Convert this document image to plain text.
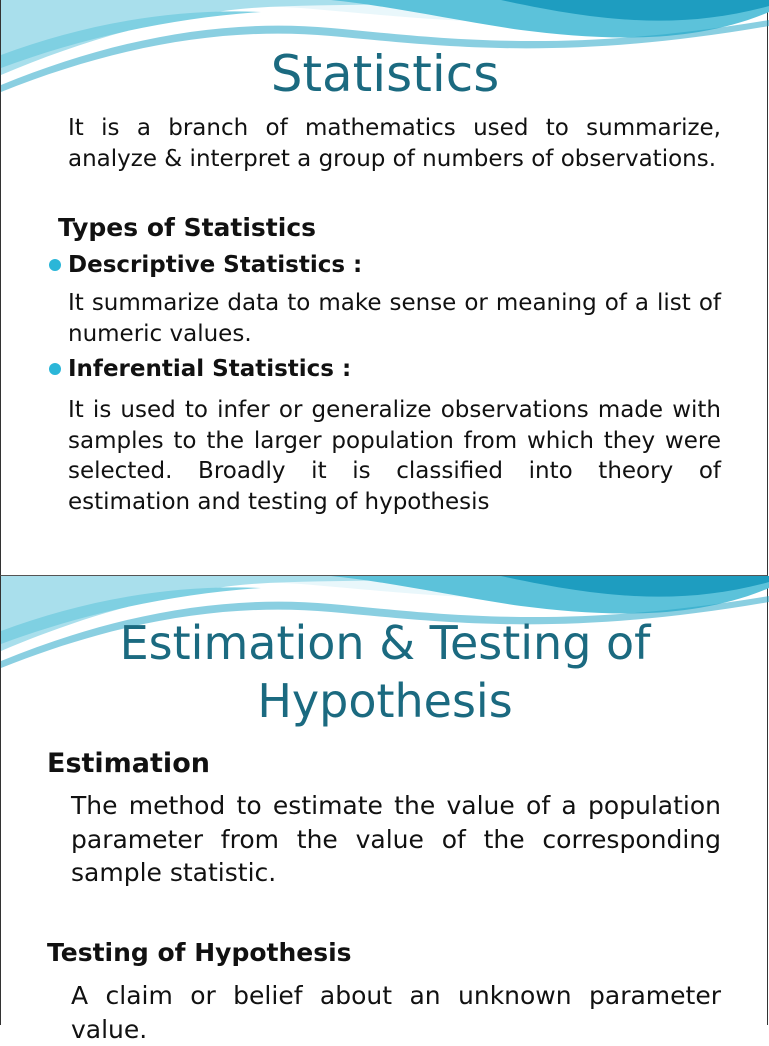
Statistics

It is a branch of mathematics used to summarize, analyze & interpret a group of numbers of observations.

Types of Statistics
Descriptive Statistics :

It summarize data to make sense or meaning of a list of numeric values.

Inferential Statistics :

It is used to infer or generalize observations made with samples to the larger population from which they were selected. Broadly it is classified into theory of estimation and testing of hypothesis

Estimation & Testing of
Hypothesis
Estimation

The method to estimate the value of a population parameter from the value of the corresponding sample statistic.

Testing of Hypothesis

A claim or belief about an unknown parameter value.
